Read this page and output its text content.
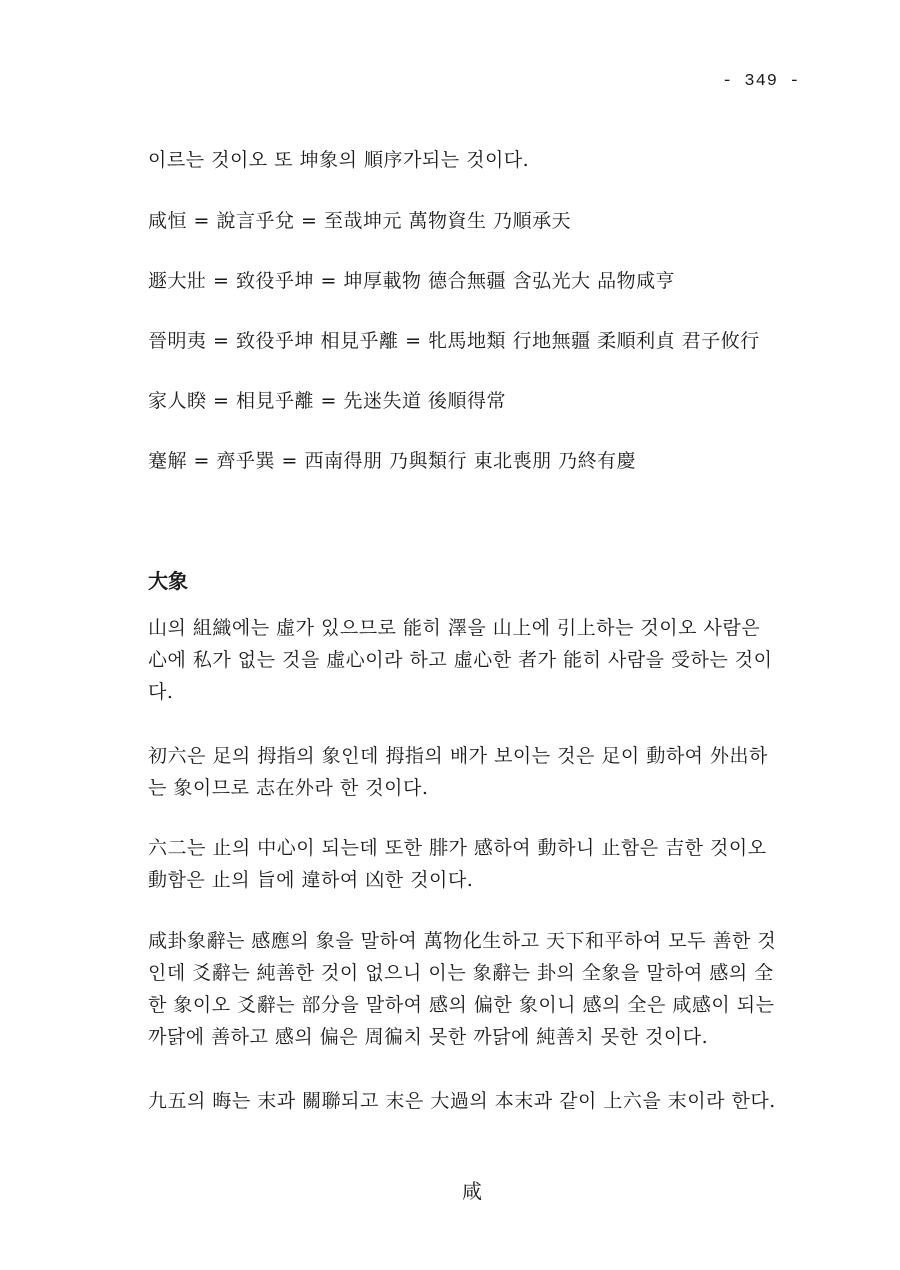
- 349 -
이르는 것이오 또 坤象의 順序가되는 것이다.
咸恒 = 說言乎兌 = 至哉坤元 萬物資生 乃順承天
遯大壯 = 致役乎坤 = 坤厚載物 德合無疆 含弘光大 品物咸亨
晉明夷 = 致役乎坤 相見乎離 = 牝馬地類 行地無疆 柔順利貞 君子攸行
家人睽 = 相見乎離 = 先迷失道 後順得常
蹇解 = 齊乎巽 = 西南得朋 乃與類行 東北喪朋 乃終有慶
大象
山의 組織에는 虛가 있으므로 能히 澤을 山上에 引上하는 것이오 사람은
心에 私가 없는 것을 虛心이라 하고 虛心한 者가 能히 사람을 受하는 것이
다.
初六은 足의 拇指의 象인데 拇指의 배가 보이는 것은 足이 動하여 外出하
는 象이므로 志在外라 한 것이다.
六二는 止의 中心이 되는데 또한 腓가 感하여 動하니 止함은 吉한 것이오
動함은 止의 旨에 違하여 凶한 것이다.
咸卦象辭는 感應의 象을 말하여 萬物化生하고 天下和平하여 모두 善한 것
인데 爻辭는 純善한 것이 없으니 이는 象辭는 卦의 全象을 말하여 感의 全
한 象이오 爻辭는 部分을 말하여 感의 偏한 象이니 感의 全은 咸感이 되는
까닭에 善하고 感의 偏은 周徧치 못한 까닭에 純善치 못한 것이다.
九五의 晦는 末과 關聯되고 末은 大過의 本末과 같이 上六을 末이라 한다.
咸
